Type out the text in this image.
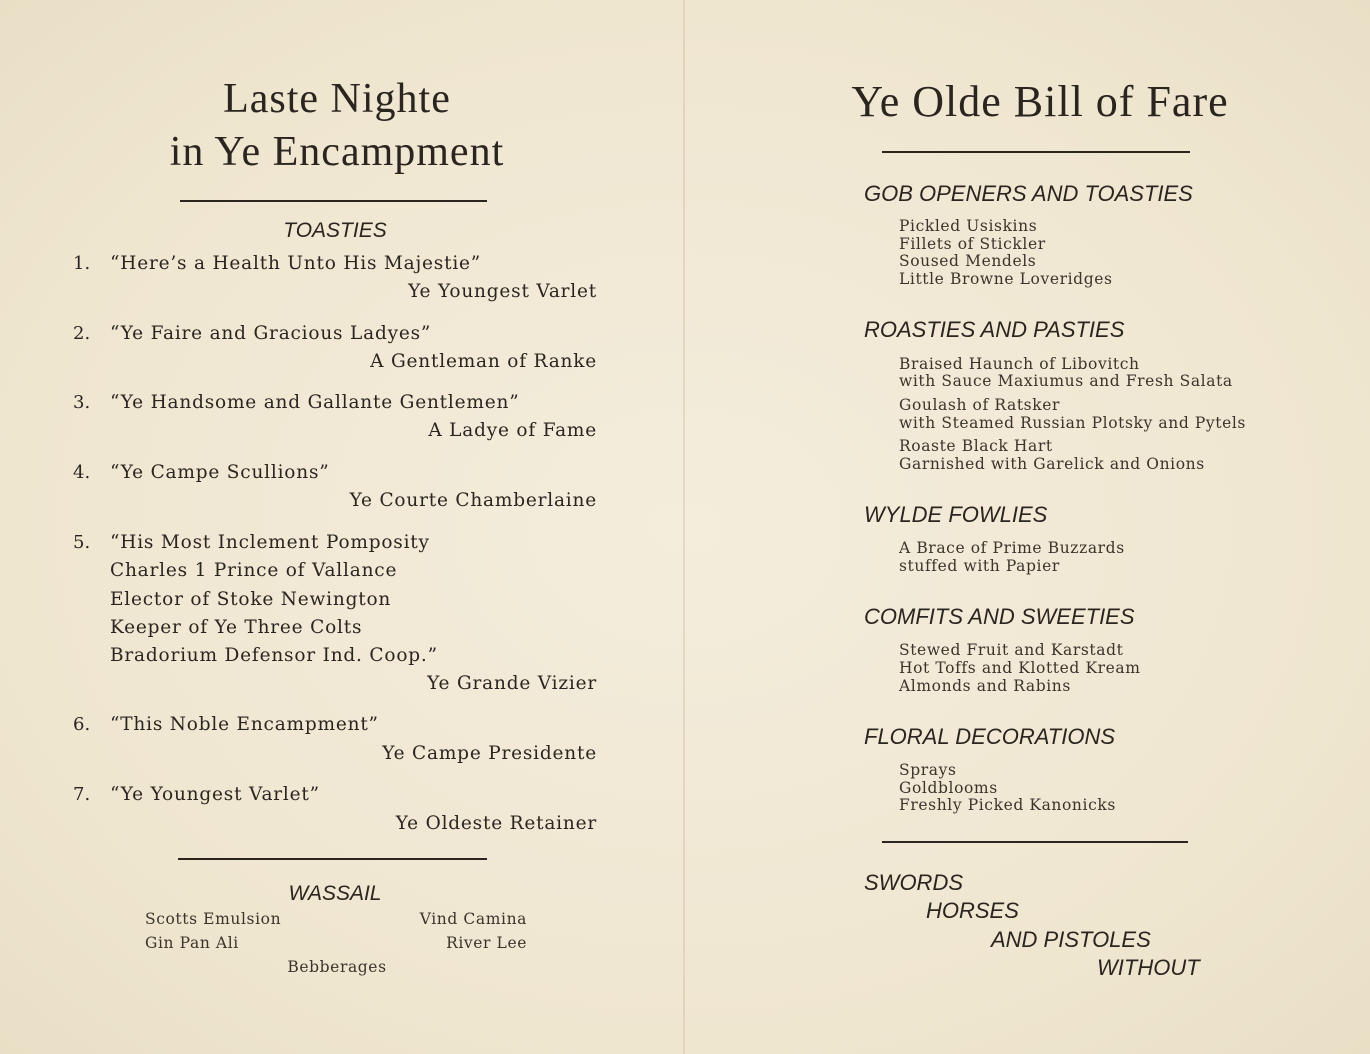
Laste Nighte
in Ye Encampment
TOASTIES
1. “Here’s a Health Unto His Majestie”
Ye Youngest Varlet
2. “Ye Faire and Gracious Ladyes”
A Gentleman of Ranke
3. “Ye Handsome and Gallante Gentlemen”
A Ladye of Fame
4. “Ye Campe Scullions”
Ye Courte Chamberlaine
5. “His Most Inclement Pomposity
Charles 1 Prince of Vallance
Elector of Stoke Newington
Keeper of Ye Three Colts
Bradorium Defensor Ind. Coop.”
Ye Grande Vizier
6. “This Noble Encampment”
Ye Campe Presidente
7. “Ye Youngest Varlet”
Ye Oldeste Retainer
WASSAIL
Scotts Emulsion
Gin Pan Ali
Vind Camina
River Lee
Bebberages
Ye Olde Bill of Fare
GOB OPENERS AND TOASTIES
Pickled Usiskins
Fillets of Stickler
Soused Mendels
Little Browne Loveridges
ROASTIES AND PASTIES
Braised Haunch of Libovitch
with Sauce Maxiumus and Fresh Salata
Goulash of Ratsker
with Steamed Russian Plotsky and Pytels
Roaste Black Hart
Garnished with Garelick and Onions
WYLDE FOWLIES
A Brace of Prime Buzzards
stuffed with Papier
COMFITS AND SWEETIES
Stewed Fruit and Karstadt
Hot Toffs and Klotted Kream
Almonds and Rabins
FLORAL DECORATIONS
Sprays
Goldblooms
Freshly Picked Kanonicks
SWORDS
HORSES
AND PISTOLES
WITHOUT
